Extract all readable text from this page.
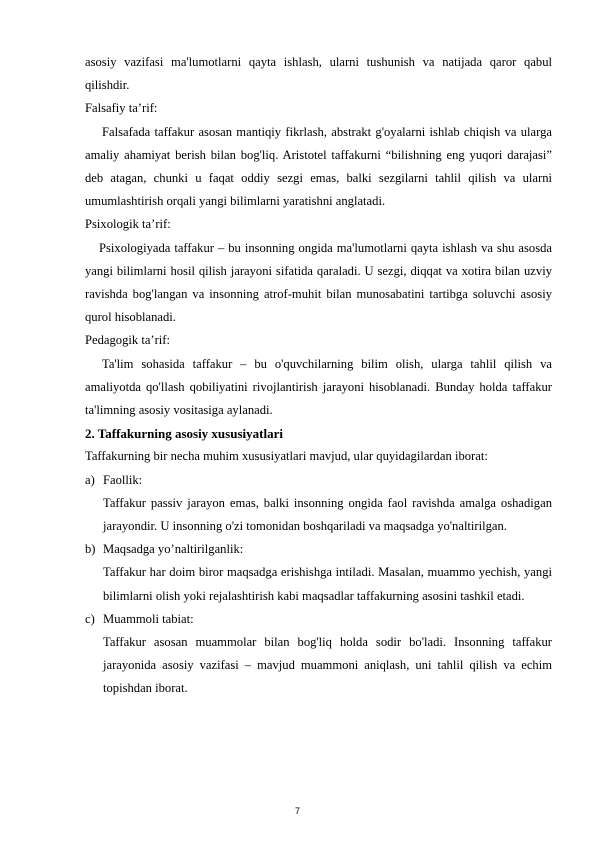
asosiy vazifasi ma'lumotlarni qayta ishlash, ularni tushunish va natijada qaror qabul qilishdir.

Falsafiy ta’rif:

Falsafada taffakur asosan mantiqiy fikrlash, abstrakt g'oyalarni ishlab chiqish va ularga amaliy ahamiyat berish bilan bog'liq. Aristotel taffakurni “bilishning eng yuqori darajasi” deb atagan, chunki u faqat oddiy sezgi emas, balki sezgilarni tahlil qilish va ularni umumlashtirish orqali yangi bilimlarni yaratishni anglatadi.

Psixologik ta’rif:

Psixologiyada taffakur – bu insonning ongida ma'lumotlarni qayta ishlash va shu asosda yangi bilimlarni hosil qilish jarayoni sifatida qaraladi. U sezgi, diqqat va xotira bilan uzviy ravishda bog'langan va insonning atrof-muhit bilan munosabatini tartibga soluvchi asosiy qurol hisoblanadi.

Pedagogik ta’rif:

Ta'lim sohasida taffakur – bu o'quvchilarning bilim olish, ularga tahlil qilish va amaliyotda qo'llash qobiliyatini rivojlantirish jarayoni hisoblanadi. Bunday holda taffakur ta'limning asosiy vositasiga aylanadi.

2. Taffakurning asosiy xususiyatlari

Taffakurning bir necha muhim xususiyatlari mavjud, ular quyidagilardan iborat:

a) Faollik:

Taffakur passiv jarayon emas, balki insonning ongida faol ravishda amalga oshadigan jarayondir. U insonning o'zi tomonidan boshqariladi va maqsadga yo'naltirilgan.

b) Maqsadga yo’naltirilganlik:

Taffakur har doim biror maqsadga erishishga intiladi. Masalan, muammo yechish, yangi bilimlarni olish yoki rejalashtirish kabi maqsadlar taffakurning asosini tashkil etadi.

c) Muammoli tabiat:

Taffakur asosan muammolar bilan bog'liq holda sodir bo'ladi. Insonning taffakur jarayonida asosiy vazifasi – mavjud muammoni aniqlash, uni tahlil qilish va echim topishdan iborat.

7
